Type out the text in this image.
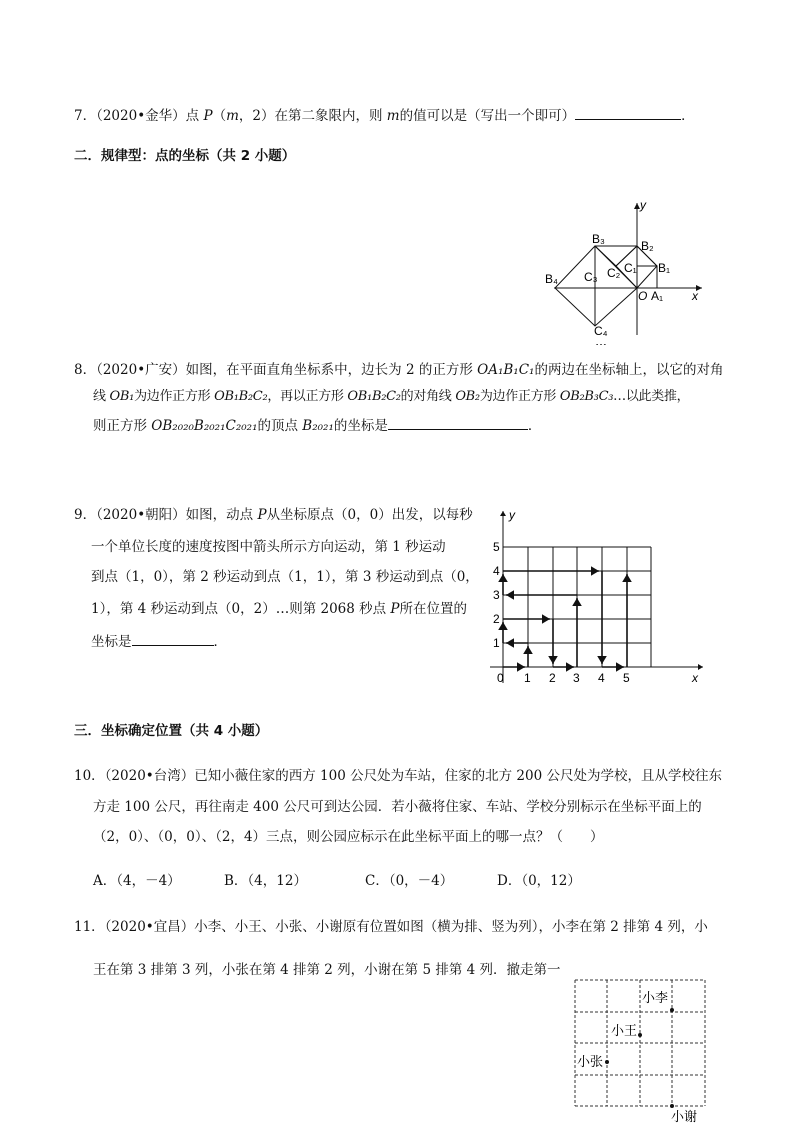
7．（2020•金华）点 P（m，2）在第二象限内，则 m的值可以是（写出一个即可）	．
二．规律型：点的坐标（共 2 小题）
y
x
O A₁
B₁
B₂
B₃
B₄
C₁
C₂
C₃
C₄
…
8．（2020•广安）如图，在平面直角坐标系中，边长为 2 的正方形 OA₁B₁C₁的两边在坐标轴上，以它的对角
线 OB₁为边作正方形 OB₁B₂C₂，再以正方形 OB₁B₂C₂的对角线 OB₂为边作正方形 OB₂B₃C₃…以此类推，
则正方形 OB₂₀₂₀B₂₀₂₁C₂₀₂₁的顶点 B₂₀₂₁的坐标是	．
9．（2020•朝阳）如图，动点 P从坐标原点（0，0）出发，以每秒
一个单位长度的速度按图中箭头所示方向运动，第 1 秒运动
到点（1，0），第 2 秒运动到点（1，1），第 3 秒运动到点（0，
1），第 4 秒运动到点（0，2）…则第 2068 秒点 P所在位置的
坐标是	．
y
x
0 1 2 3 4 5
1
2
3
4
5
三．坐标确定位置（共 4 小题）
10．（2020•台湾）已知小薇住家的西方 100 公尺处为车站，住家的北方 200 公尺处为学校，且从学校往东
方走 100 公尺，再往南走 400 公尺可到达公园．若小薇将住家、车站、学校分别标示在坐标平面上的
（2，0）、（0，0）、（2，4）三点，则公园应标示在此坐标平面上的哪一点？（　　）
A．（4，－4）	B．（4，12）	C．（0，－4）	D．（0，12）
11．（2020•宜昌）小李、小王、小张、小谢原有位置如图（横为排、竖为列），小李在第 2 排第 4 列，小
王在第 3 排第 3 列，小张在第 4 排第 2 列，小谢在第 5 排第 4 列．撤走第一
小李
小王
小张
小谢
